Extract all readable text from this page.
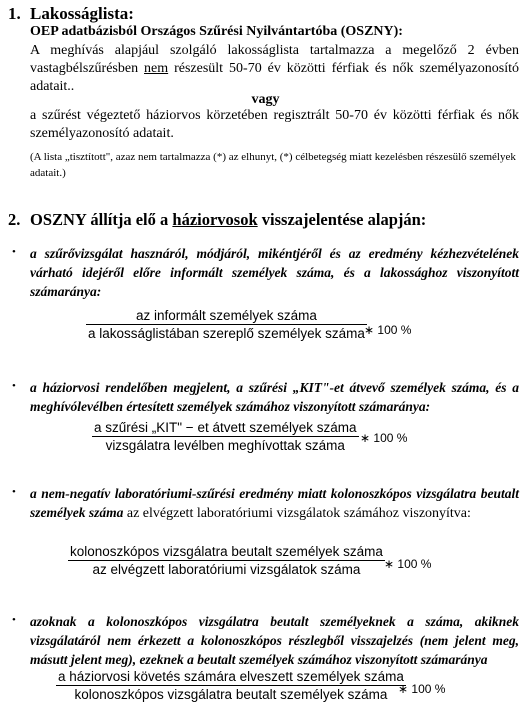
1. Lakosságlista:
OEP adatbázisból Országos Szűrési Nyilvántartóba (OSZNY):
A meghívás alapjául szolgáló lakosságlista tartalmazza a megelőző 2 évben vastagbélszűrésben nem részesült 50-70 év közötti férfiak és nők személyazonosító adatait..
vagy
a szűrést végeztető háziorvos körzetében regisztrált 50-70 év közötti férfiak és nők személyazonosító adatait.
(A lista „tisztított", azaz nem tartalmazza (*) az elhunyt, (*) célbetegség miatt kezelésben részesülő személyek adatait.)
2. OSZNY állítja elő a háziorvosok visszajelentése alapján:
• a szűrővizsgálat hasznáról, módjáról, mikéntjéről és az eredmény kézhezvételének várható idejéről előre informált személyek száma, és a lakossághoz viszonyított számaránya:
az informált személyek száma
a lakosságlistában szereplő személyek száma ∗ 100 %
• a háziorvosi rendelőben megjelent, a szűrési „KIT"-et átvevő személyek száma, és a meghívólevélben értesített személyek számához viszonyított számaránya:
a szűrési „KIT" − et átvett személyek száma
vizsgálatra levélben meghívottak száma	∗ 100 %
• a nem-negatív laboratóriumi-szűrési eredmény miatt kolonoszkópos vizsgálatra beutalt személyek száma az elvégzett laboratóriumi vizsgálatok számához viszonyítva:
kolonoszkópos vizsgálatra beutalt személyek száma
az elvégzett laboratóriumi vizsgálatok száma	∗ 100 %
• azoknak a kolonoszkópos vizsgálatra beutalt személyeknek a száma, akiknek vizsgálatáról nem érkezett a kolonoszkópos részlegből visszajelzés (nem jelent meg, másutt jelent meg), ezeknek a beutalt személyek számához viszonyított számaránya
a háziorvosi követés számára elveszett személyek száma
kolonoszkópos vizsgálatra beutalt személyek száma ∗ 100 %
